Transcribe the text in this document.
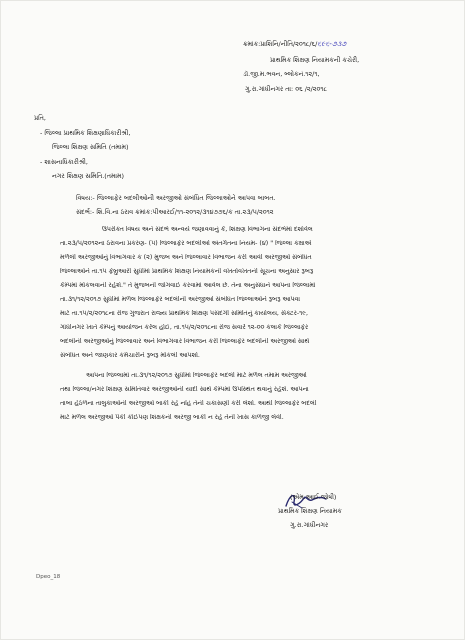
ક્રમાંક:પ્રાશિનિ/નીતિ/૨૦૧૮/૬/૬૯૬-૭૩૭
પ્રાથમિક શિક્ષણ નિયામકની કચેરી,
ડૉ.જી.મ.ભવન, બ્લોકનં.૧૨/૧,
ગુ.રા.ગાંધીનગર તા: ૦૬ /૨/૨૦૧૮
પ્રતિ,
- જિલ્લા પ્રાથમિક શિક્ષણાધિકારીશ્રી,
જિલ્લા શિક્ષણ સમિતિ (તમામ)
- શાસનાધિકારીશ્રી,
નગર શિક્ષણ સમિતિ.(તમામ)
વિષય:- જિલ્લાફેર બદલીઓની અરજીઓ સંબંધિત જિલ્લાઓને આપવા બાબત.
સંદર્ભ:- શિ.વિ.ના ઠરાવ ક્રમાંક:પીઆરઈ/૧૧-૨૦૧૨/૩૧૪૭૭૬/ક તા.૨૩/૫/૨૦૧૨
ઉપરોક્ત વિષય અને સંદર્ભ અન્વયે જણાવવાનું કે, શિક્ષણ વિભાગના સંદર્ભમાં દર્શાવેલ
તા.૨૩/૫/૨૦૧૨ના ઠરાવના પ્રકરણ- (૫) જિલ્લાફેર બદલીઓ અંતર્ગતના નિયમ- (૪) " જિલ્લા કક્ષાએ
મળેલી અરજીઓનું વિભાગવાર ક (૨) મુજબ અને જિલ્લાવાર વિભાજન કરી આવી અરજીઓ સંબંધિત
જિલ્લાઓને તા.૧૫ ફેબ્રુઆરી સુધીમાં પ્રાથમિક શિક્ષણ નિયામકની વખતોવખતની સૂચના અનુસાર રૂબરૂ
કેમ્પમાં મોકલવાની રહેશે." તે મુજબની જોગવાઈ કરવામાં આવેલ છે. તેના અનુસંધાને આપના જિલ્લામાં
તા.૩૧/૧૨/૨૦૧૭ સુધીમાં મળેલ જિલ્લાફેર બદલીની અરજીઓ સંબંધિત જિલ્લાઓને રૂબરૂ આપવા
માટે તા.૧૫/૨/૨૦૧૮ના રોજ ગુજરાત રાજ્ય પ્રાથમિક શિક્ષણ પસંદગી સમિતિનું કાર્યાલય, સેક્ટર-૧૯,
ગાંધીનગર ખાતે કેમ્પનું આયોજન કરેલ હોઈ, તા.૧૫/૨/૨૦૧૮ના રોજ સવારે ૧૨-૦૦ કલાકે જિલ્લાફેર
બદલીની અરજીઓનું જિલ્લાવાર અને વિભાગવાર વિભાજન કરી જિલ્લાફેર બદલીની અરજીઓ સાથે
સંબંધિત અને જાણકાર કર્મચારીને રૂબરૂ મોકલી આપશો.
આપના જિલ્લામાં તા.૩૧/૧૨/૨૦૧૭ સુધીમાં જિલ્લાફેર બદલી માટે મળેલ તમામ અરજીઓ
તથા જિલ્લા/નગર શિક્ષણ સમિતિવાર અરજીઓની યાદી સાથે કેમ્પમાં ઉપસ્થિત થવાનું રહેશે. આપના
તાબા હેઠળના તાલુકાઓની અરજીઓ બાકી રહે નહિ તેની ચકાસણી કરી લેશો. આથી જિલ્લાફેર બદલી
માટે મળેલ અરજીઓ પૈકી કોઈપણ શિક્ષકની અરજી બાકી ન રહે તેની ખાસ કાળજી લેવી.
(એમ.આઈ.જોષી)
પ્રાથમિક શિક્ષણ નિયામક
ગુ.રા.ગાંધીનગર
Dpeo_18
